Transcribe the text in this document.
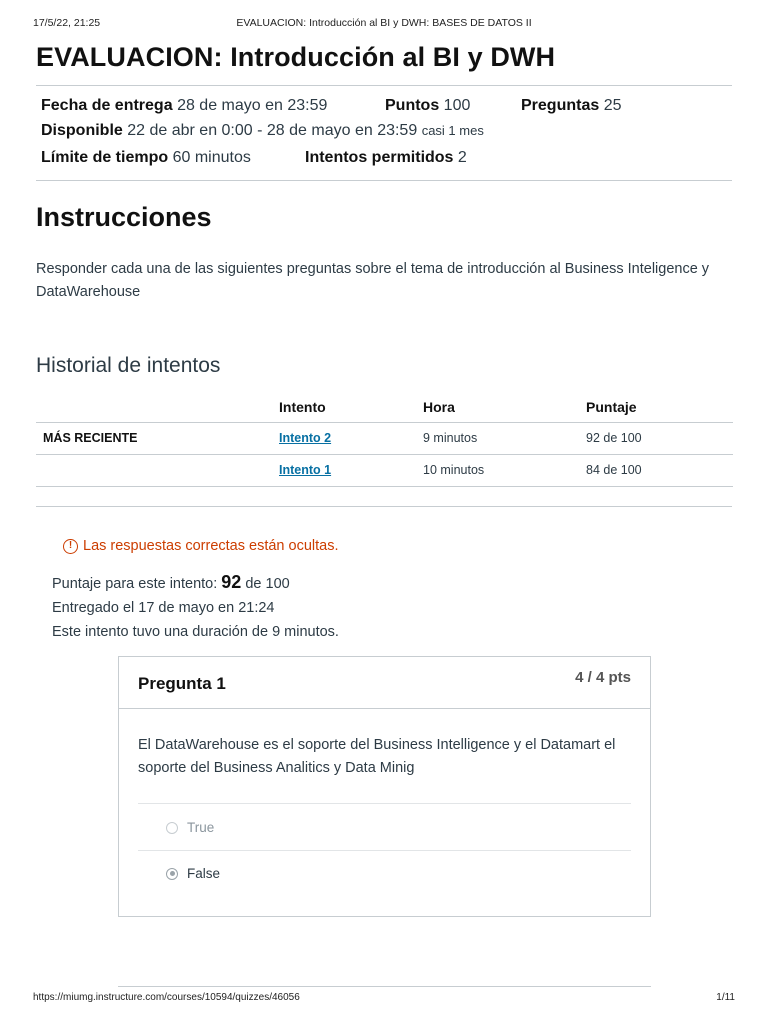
17/5/22, 21:25	EVALUACION: Introducción al BI y DWH: BASES DE DATOS II
EVALUACION: Introducción al BI y DWH
Fecha de entrega 28 de mayo en 23:59	Puntos 100	Preguntas 25
Disponible 22 de abr en 0:00 - 28 de mayo en 23:59 casi 1 mes
Límite de tiempo 60 minutos	Intentos permitidos 2
Instrucciones

Responder cada una de las siguientes preguntas sobre el tema de introducción al Business Inteligence y DataWarehouse

Historial de intentos
	Intento	Hora	Puntaje
MÁS RECIENTE	Intento 2	9 minutos	92 de 100
	Intento 1	10 minutos	84 de 100
! Las respuestas correctas están ocultas.
Puntaje para este intento: 92 de 100
Entregado el 17 de mayo en 21:24
Este intento tuvo una duración de 9 minutos.
Pregunta 1	4 / 4 pts

El DataWarehouse es el soporte del Business Intelligence y el Datamart el soporte del Business Analitics y Data Minig

True
False
https://miumg.instructure.com/courses/10594/quizzes/46056	1/11
